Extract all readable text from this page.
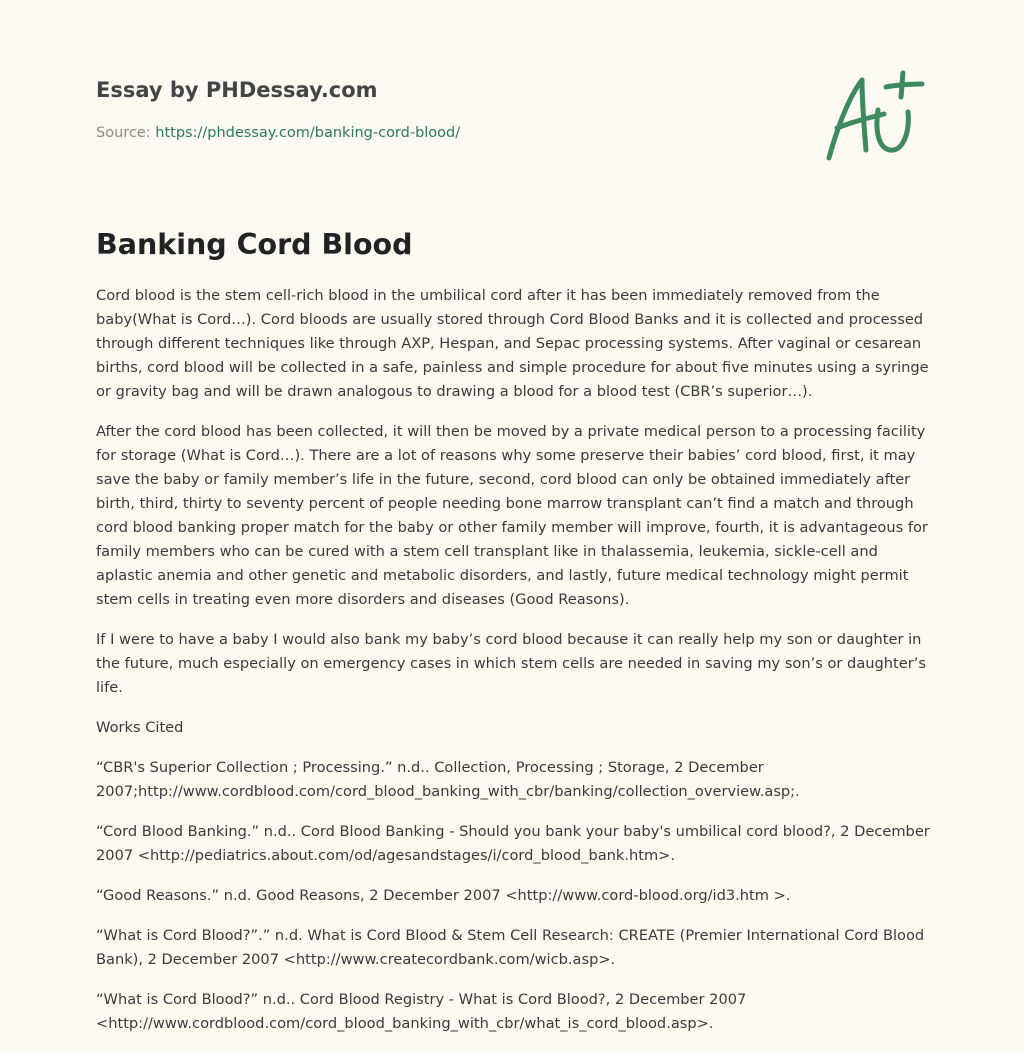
Essay by PHDessay.com
Source: https://phdessay.com/banking-cord-blood/
Banking Cord Blood

Cord blood is the stem cell-rich blood in the umbilical cord after it has been immediately removed from the baby(What is Cord…). Cord bloods are usually stored through Cord Blood Banks and it is collected and processed through different techniques like through AXP, Hespan, and Sepac processing systems. After vaginal or cesarean births, cord blood will be collected in a safe, painless and simple procedure for about five minutes using a syringe or gravity bag and will be drawn analogous to drawing a blood for a blood test (CBR’s superior…).

After the cord blood has been collected, it will then be moved by a private medical person to a processing facility for storage (What is Cord…). There are a lot of reasons why some preserve their babies’ cord blood, first, it may save the baby or family member’s life in the future, second, cord blood can only be obtained immediately after birth, third, thirty to seventy percent of people needing bone marrow transplant can’t find a match and through cord blood banking proper match for the baby or other family member will improve, fourth, it is advantageous for family members who can be cured with a stem cell transplant like in thalassemia, leukemia, sickle-cell and aplastic anemia and other genetic and metabolic disorders, and lastly, future medical technology might permit stem cells in treating even more disorders and diseases (Good Reasons).

If I were to have a baby I would also bank my baby’s cord blood because it can really help my son or daughter in the future, much especially on emergency cases in which stem cells are needed in saving my son’s or daughter’s life.

Works Cited

“CBR's Superior Collection ; Processing.” n.d.. Collection, Processing ; Storage, 2 December 2007;http://www.cordblood.com/cord_blood_banking_with_cbr/banking/collection_overview.asp;.

“Cord Blood Banking.” n.d.. Cord Blood Banking - Should you bank your baby's umbilical cord blood?, 2 December 2007 <http://pediatrics.about.com/od/agesandstages/i/cord_blood_bank.htm>.

“Good Reasons.” n.d. Good Reasons, 2 December 2007 <http://www.cord-blood.org/id3.htm >.

“What is Cord Blood?”.” n.d. What is Cord Blood & Stem Cell Research: CREATE (Premier International Cord Blood Bank), 2 December 2007 <http://www.createcordbank.com/wicb.asp>.

“What is Cord Blood?” n.d.. Cord Blood Registry - What is Cord Blood?, 2 December 2007 <http://www.cordblood.com/cord_blood_banking_with_cbr/what_is_cord_blood.asp>.
